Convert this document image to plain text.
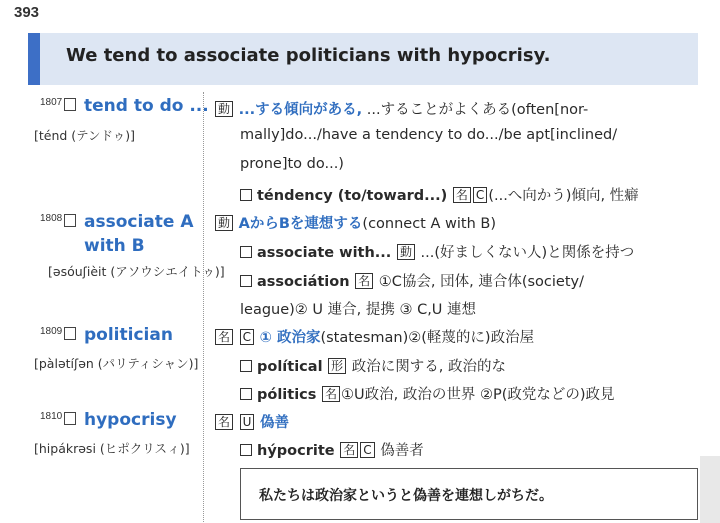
393
We tend to associate politicians with hypocrisy.
1807 tend to do ...
[ténd (テンドゥ)]
動 ...する傾向がある, ...することがよくある(often[nor-
mally]do.../have a tendency to do.../be apt[inclined/
prone]to do...)
téndency (to/toward...) 名 C (...へ向かう)傾向, 性癖
1808 associate A
with B
[əsóuʃièit (アソウシエイトゥ)]
動 AからBを連想する(connect A with B)
associate with... 動 ...(好ましくない人)と関係を持つ
associátion 名 ①C協会, 団体, 連合体(society/
league)② U 連合, 提携 ③ C,U 連想
1809 politician
[pàlətíʃən (パリティシャン)]
名 C ① 政治家(statesman)②(軽蔑的に)政治屋
polítical 形 政治に関する, 政治的な
pólitics 名 ①U政治, 政治の世界 ②P(政党などの)政見
1810 hypocrisy
[hipákrəsi (ヒポクリスィ)]
名 U 偽善
hýpocrite 名 C 偽善者
私たちは政治家というと偽善を連想しがちだ。
